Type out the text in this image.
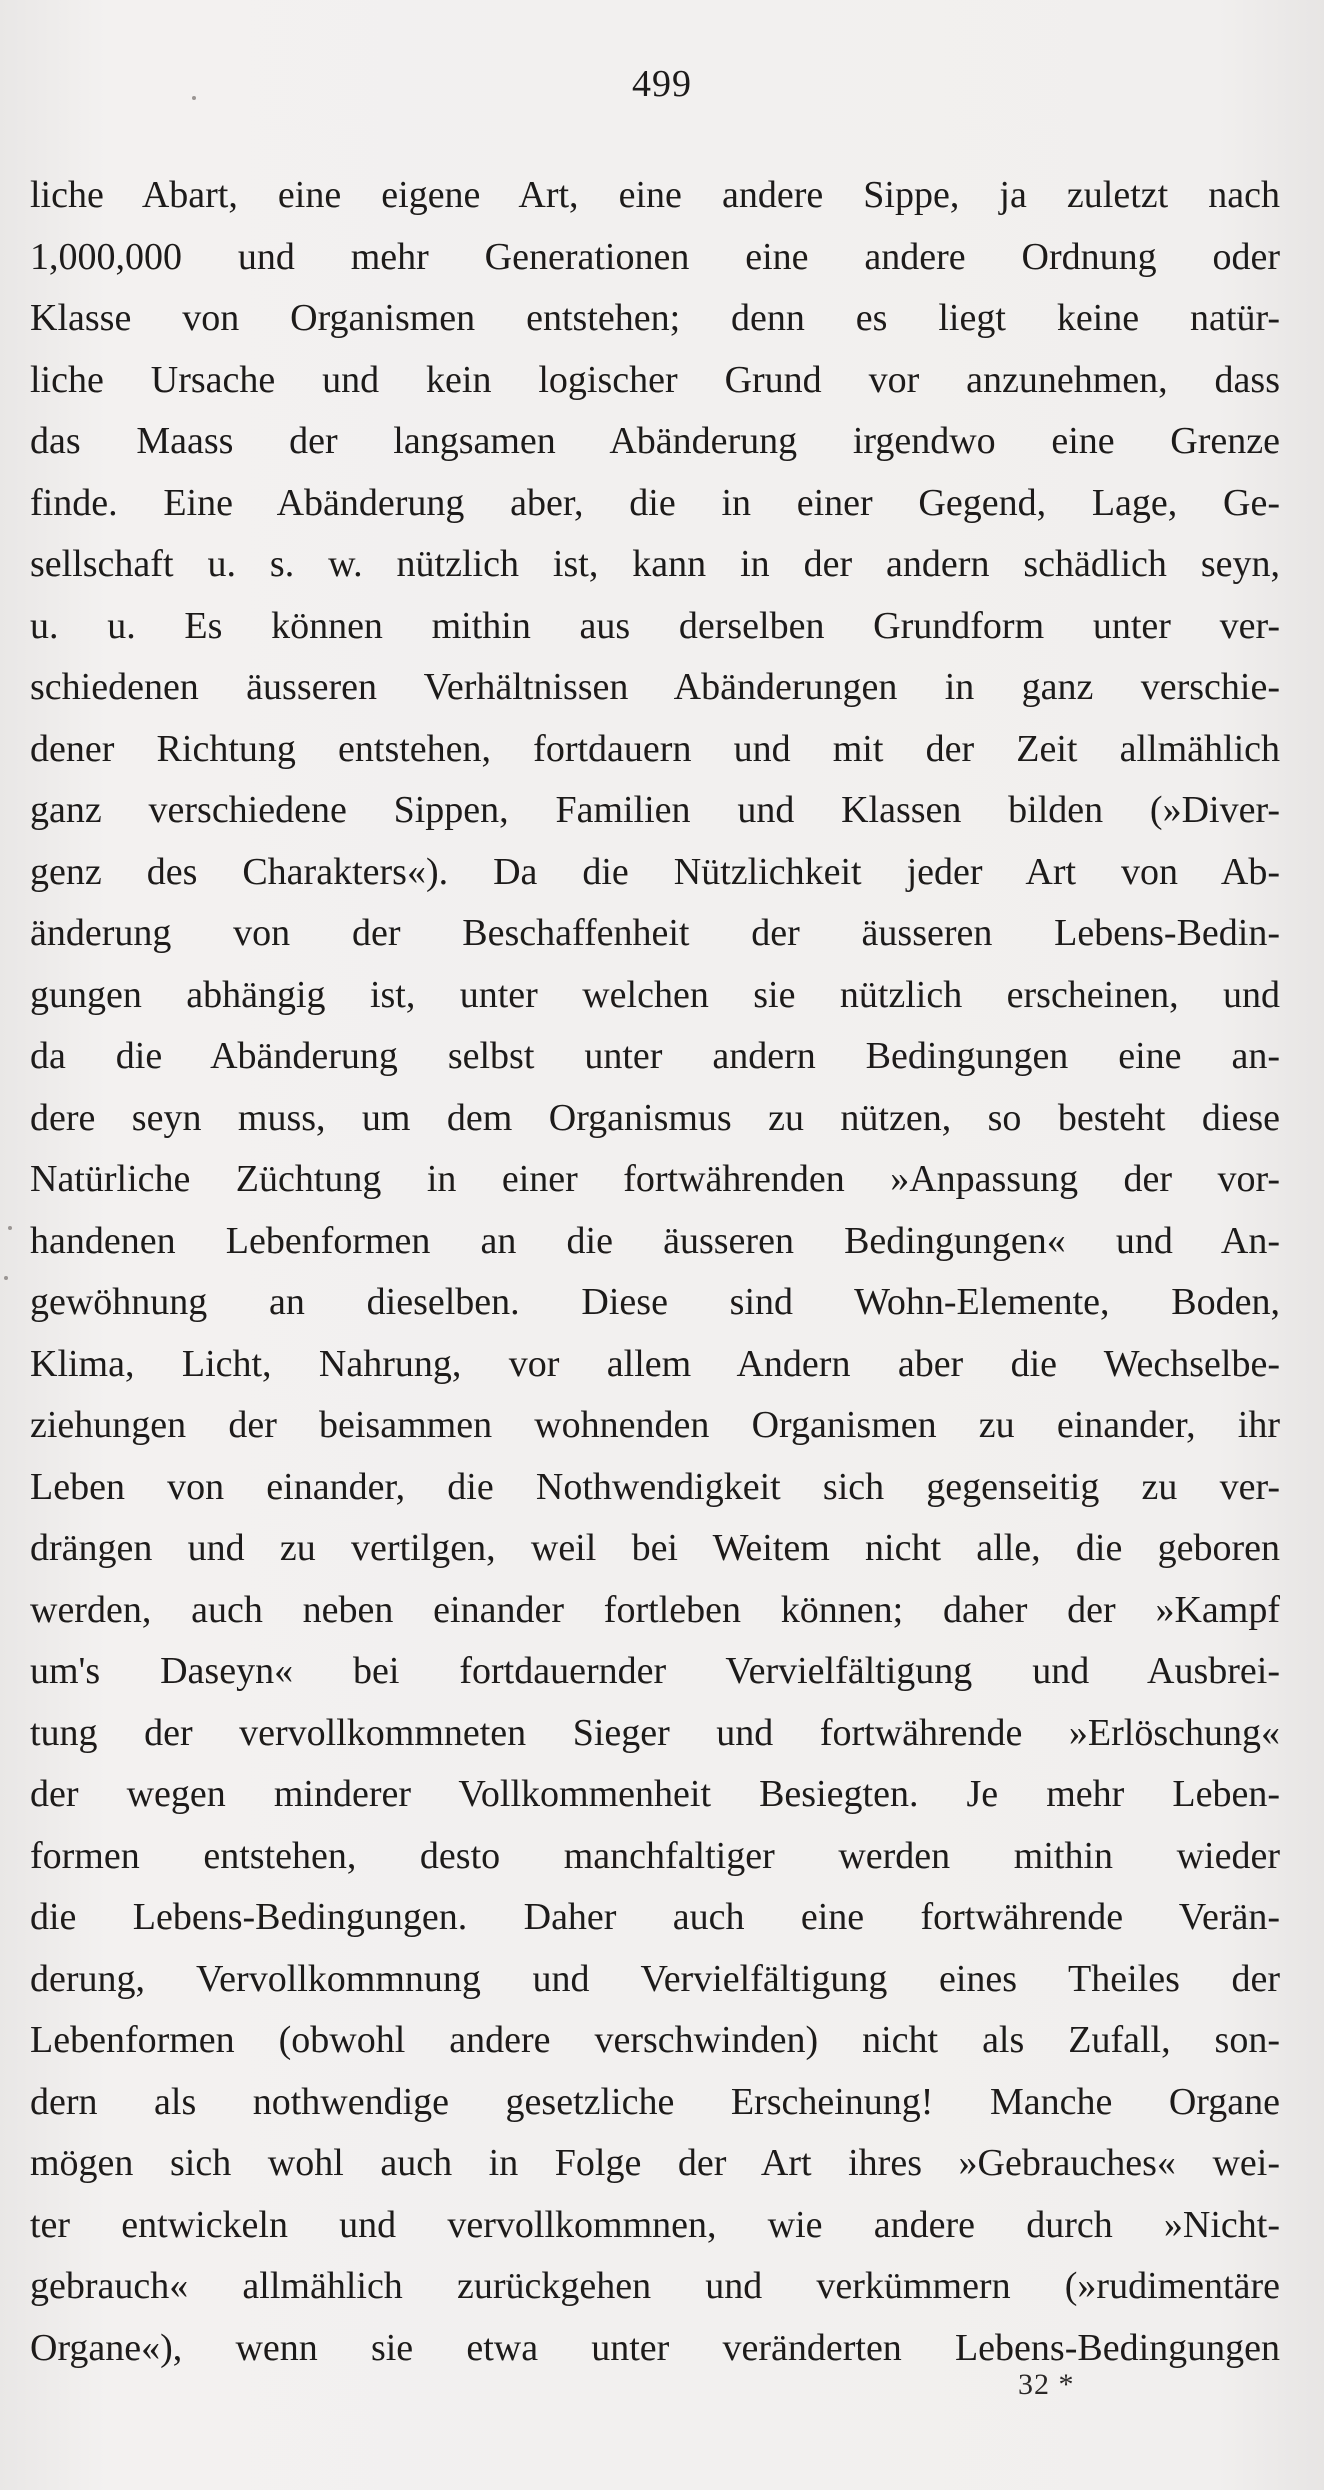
499
liche Abart, eine eigene Art, eine andere Sippe, ja zuletzt nach
1,000,000 und mehr Generationen eine andere Ordnung oder
Klasse von Organismen entstehen; denn es liegt keine natür-
liche Ursache und kein logischer Grund vor anzunehmen, dass
das Maass der langsamen Abänderung irgendwo eine Grenze
finde. Eine Abänderung aber, die in einer Gegend, Lage, Ge-
sellschaft u. s. w. nützlich ist, kann in der andern schädlich seyn,
u. u. Es können mithin aus derselben Grundform unter ver-
schiedenen äusseren Verhältnissen Abänderungen in ganz verschie-
dener Richtung entstehen, fortdauern und mit der Zeit allmählich
ganz verschiedene Sippen, Familien und Klassen bilden (»Diver-
genz des Charakters«). Da die Nützlichkeit jeder Art von Ab-
änderung von der Beschaffenheit der äusseren Lebens-Bedin-
gungen abhängig ist, unter welchen sie nützlich erscheinen, und
da die Abänderung selbst unter andern Bedingungen eine an-
dere seyn muss, um dem Organismus zu nützen, so besteht diese
Natürliche Züchtung in einer fortwährenden »Anpassung der vor-
handenen Lebenformen an die äusseren Bedingungen« und An-
gewöhnung an dieselben. Diese sind Wohn-Elemente, Boden,
Klima, Licht, Nahrung, vor allem Andern aber die Wechselbe-
ziehungen der beisammen wohnenden Organismen zu einander, ihr
Leben von einander, die Nothwendigkeit sich gegenseitig zu ver-
drängen und zu vertilgen, weil bei Weitem nicht alle, die geboren
werden, auch neben einander fortleben können; daher der »Kampf
um's Daseyn« bei fortdauernder Vervielfältigung und Ausbrei-
tung der vervollkommneten Sieger und fortwährende »Erlöschung«
der wegen minderer Vollkommenheit Besiegten. Je mehr Leben-
formen entstehen, desto manchfaltiger werden mithin wieder
die Lebens-Bedingungen. Daher auch eine fortwährende Verän-
derung, Vervollkommnung und Vervielfältigung eines Theiles der
Lebenformen (obwohl andere verschwinden) nicht als Zufall, son-
dern als nothwendige gesetzliche Erscheinung! Manche Organe
mögen sich wohl auch in Folge der Art ihres »Gebrauches« wei-
ter entwickeln und vervollkommnen, wie andere durch »Nicht-
gebrauch« allmählich zurückgehen und verkümmern (»rudimentäre
Organe«), wenn sie etwa unter veränderten Lebens-Bedingungen
32 *
